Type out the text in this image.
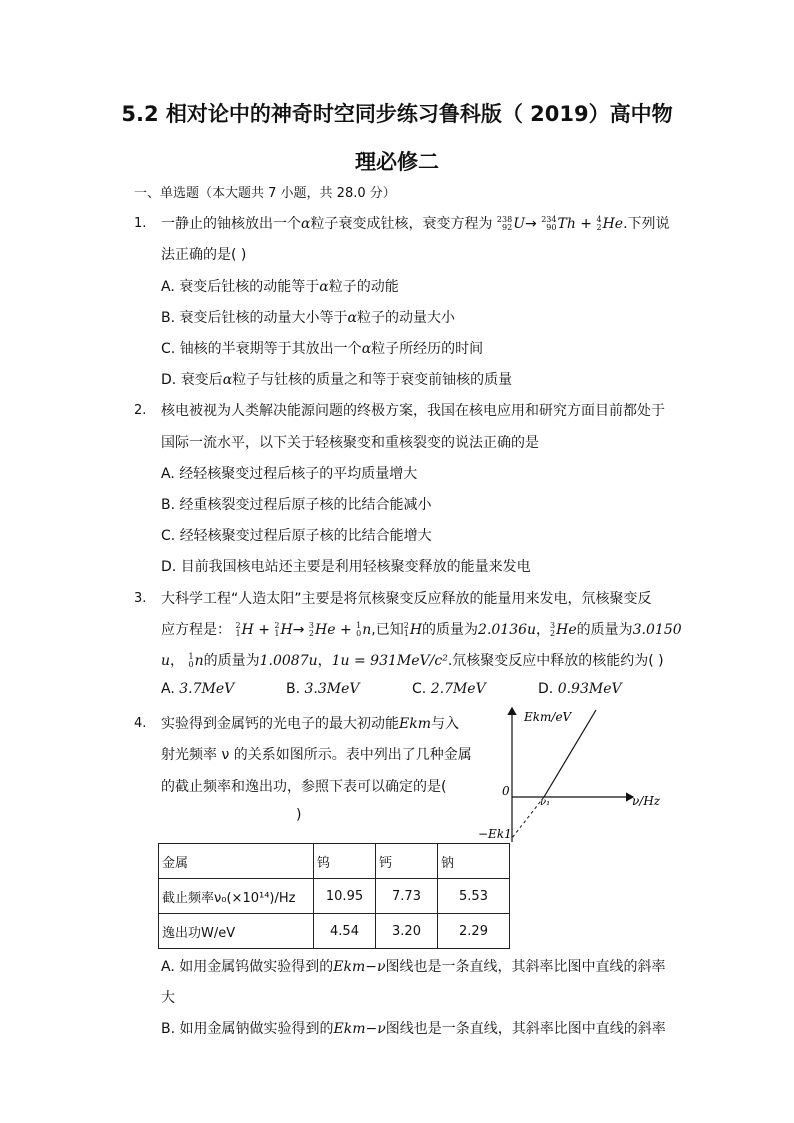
5.2 相对论中的神奇时空同步练习鲁科版（ 2019）高中物
理必修二
一、单选题（本大题共 7 小题，共 28.0 分）
1. 一静止的铀核放出一个α粒子衰变成钍核，衰变方程为 238
92 U→ 234
90 Th + 4
2 He.下列说
法正确的是( )
A. 衰变后钍核的动能等于α粒子的动能
B. 衰变后钍核的动量大小等于α粒子的动量大小
C. 铀核的半衰期等于其放出一个α粒子所经历的时间
D. 衰变后α粒子与钍核的质量之和等于衰变前铀核的质量
2. 核电被视为人类解决能源问题的终极方案，我国在核电应用和研究方面目前都处于
国际一流水平，以下关于轻核聚变和重核裂变的说法正确的是
A. 经轻核聚变过程后核子的平均质量增大
B. 经重核裂变过程后原子核的比结合能减小
C. 经轻核聚变过程后原子核的比结合能增大
D. 目前我国核电站还主要是利用轻核聚变释放的能量来发电
3. 大科学工程“人造太阳”主要是将氘核聚变反应释放的能量用来发电，氘核聚变反
应方程是： 2
1 H + 2
1 H→ 3
2 He + 1
0 n,已知 2
1 H的质量为2.0136u， 3
2 He的质量为3.0150
u， 1
0 n的质量为1.0087u，1u = 931MeV/c².氘核聚变反应中释放的核能约为( )
A. 3.7MeV	B. 3.3MeV	C. 2.7MeV	D. 0.93MeV
4. 实验得到金属钙的光电子的最大初动能Ekm与入
射光频率 ν 的关系如图所示。表中列出了几种金属
的截止频率和逸出功，参照下表可以确定的是(
)
Ekm/eV
ν/Hz
0
ν₁
−Ek1
金属	钨	钙	钠
截止频率ν₀(×10¹⁴)/Hz	10.95	7.73	5.53
逸出功W/eV	4.54	3.20	2.29
A. 如用金属钨做实验得到的Ekm−ν图线也是一条直线，其斜率比图中直线的斜率
大
B. 如用金属钠做实验得到的Ekm−ν图线也是一条直线，其斜率比图中直线的斜率
